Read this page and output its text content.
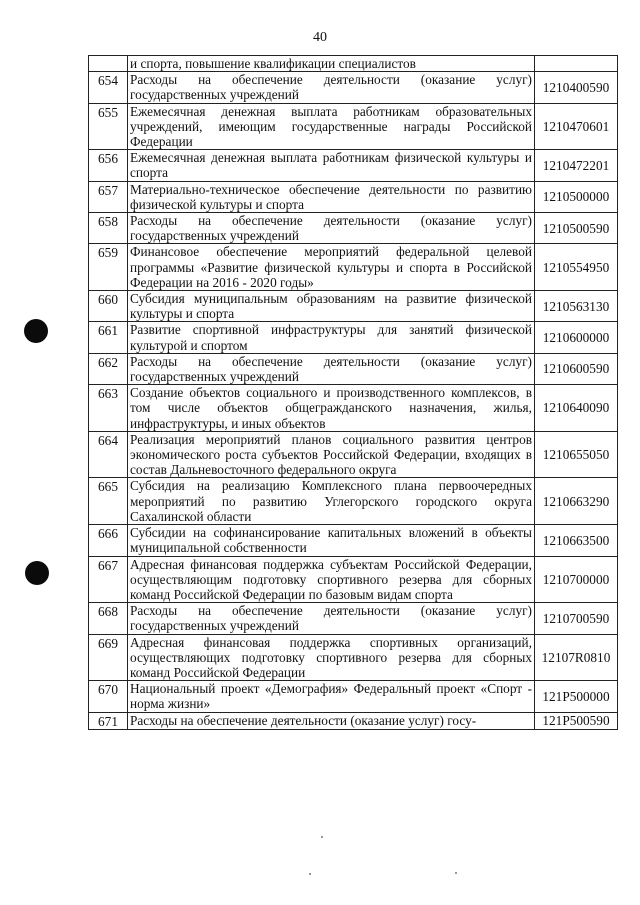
40
	и спорта, повышение квалификации специалистов	
654	Расходы на обеспечение деятельности (оказание услуг) государственных учреждений	1210400590
655	Ежемесячная денежная выплата работникам образовательных учреждений, имеющим государственные награды Российской Федерации	1210470601
656	Ежемесячная денежная выплата работникам физической культуры и спорта	1210472201
657	Материально-техническое обеспечение деятельности по развитию физической культуры и спорта	1210500000
658	Расходы на обеспечение деятельности (оказание услуг) государственных учреждений	1210500590
659	Финансовое обеспечение мероприятий федеральной целевой программы «Развитие физической культуры и спорта в Российской Федерации на 2016 - 2020 годы»	1210554950
660	Субсидия муниципальным образованиям на развитие физической культуры и спорта	1210563130
661	Развитие спортивной инфраструктуры для занятий физической культурой и спортом	1210600000
662	Расходы на обеспечение деятельности (оказание услуг) государственных учреждений	1210600590
663	Создание объектов социального и производственного комплексов, в том числе объектов общегражданского назначения, жилья, инфраструктуры, и иных объектов	1210640090
664	Реализация мероприятий планов социального развития центров экономического роста субъектов Российской Федерации, входящих в состав Дальневосточного федерального округа	1210655050
665	Субсидия на реализацию Комплексного плана первоочередных мероприятий по развитию Углегорского городского округа Сахалинской области	1210663290
666	Субсидии на софинансирование капитальных вложений в объекты муниципальной собственности	1210663500
667	Адресная финансовая поддержка субъектам Российской Федерации, осуществляющим подготовку спортивного резерва для сборных команд Российской Федерации по базовым видам спорта	1210700000
668	Расходы на обеспечение деятельности (оказание услуг) государственных учреждений	1210700590
669	Адресная финансовая поддержка спортивных организаций, осуществляющих подготовку спортивного резерва для сборных команд Российской Федерации	12107R0810
670	Национальный проект «Демография» Федеральный проект «Спорт - норма жизни»	121P500000
671	Расходы на обеспечение деятельности (оказание услуг) госу-	121P500590
